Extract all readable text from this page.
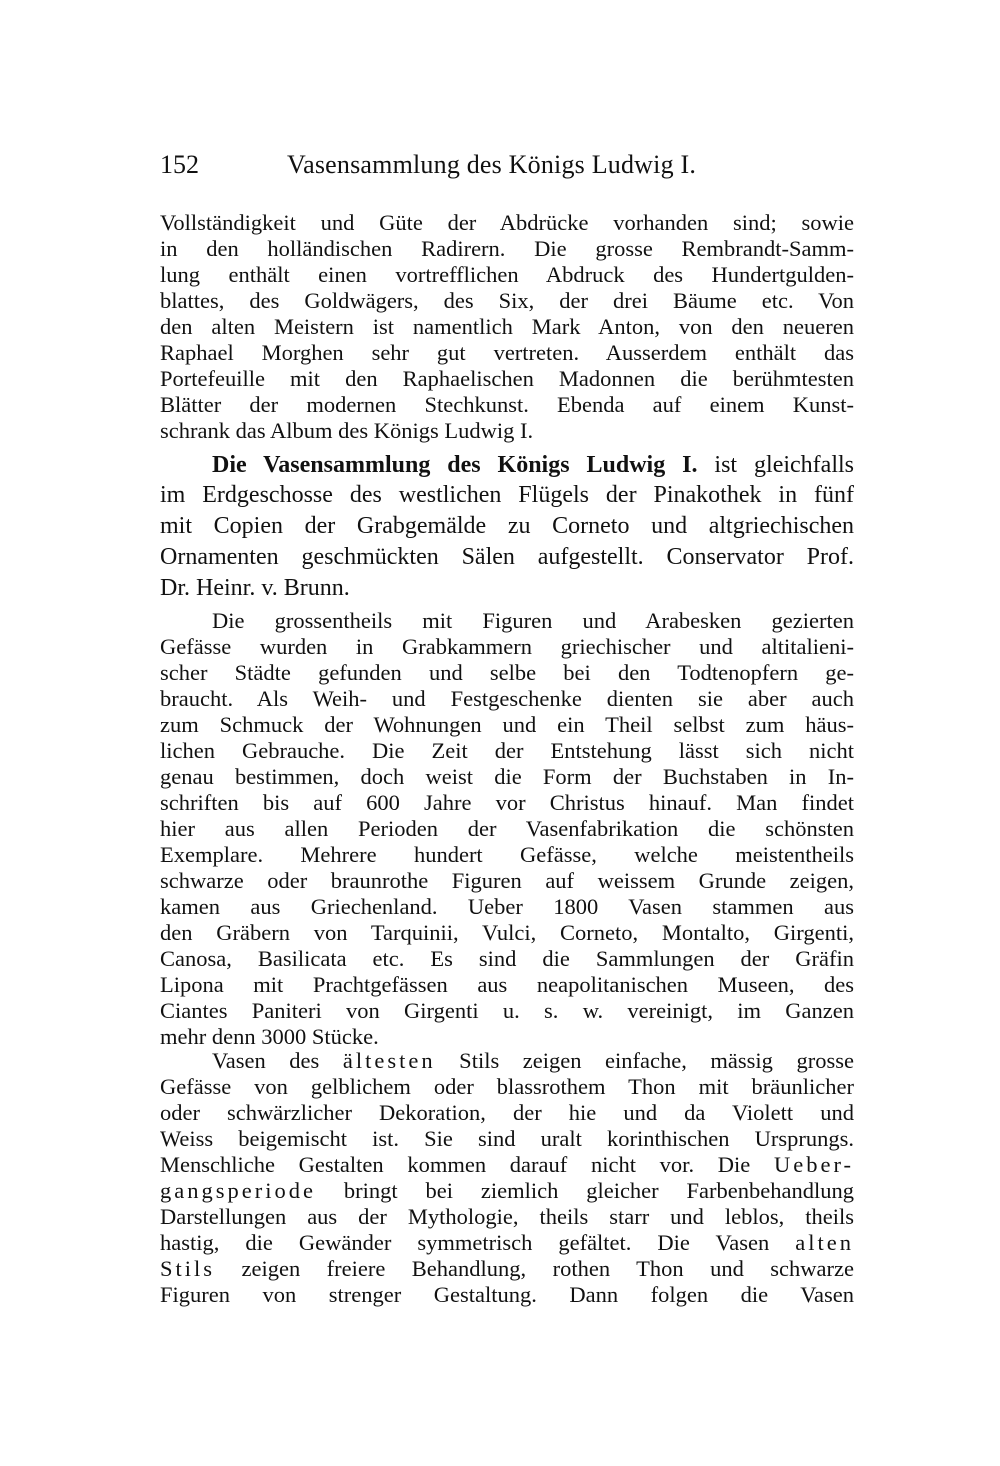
152	Vasensammlung des Königs Ludwig I.
Vollständigkeit und Güte der Abdrücke vorhanden sind; sowie
in den holländischen Radirern. Die grosse Rembrandt-Samm-
lung enthält einen vortrefflichen Abdruck des Hundertgulden-
blattes, des Goldwägers, des Six, der drei Bäume etc. Von
den alten Meistern ist namentlich Mark Anton, von den neueren
Raphael Morghen sehr gut vertreten. Ausserdem enthält das
Portefeuille mit den Raphaelischen Madonnen die berühmtesten
Blätter der modernen Stechkunst. Ebenda auf einem Kunst-
schrank das Album des Königs Ludwig I.
Die Vasensammlung des Königs Ludwig I. ist gleichfalls
im Erdgeschosse des westlichen Flügels der Pinakothek in fünf
mit Copien der Grabgemälde zu Corneto und altgriechischen
Ornamenten geschmückten Sälen aufgestellt. Conservator Prof.
Dr. Heinr. v. Brunn.
Die grossentheils mit Figuren und Arabesken gezierten
Gefässe wurden in Grabkammern griechischer und altitalieni-
scher Städte gefunden und selbe bei den Todtenopfern ge-
braucht. Als Weih- und Festgeschenke dienten sie aber auch
zum Schmuck der Wohnungen und ein Theil selbst zum häus-
lichen Gebrauche. Die Zeit der Entstehung lässt sich nicht
genau bestimmen, doch weist die Form der Buchstaben in In-
schriften bis auf 600 Jahre vor Christus hinauf. Man findet
hier aus allen Perioden der Vasenfabrikation die schönsten
Exemplare. Mehrere hundert Gefässe, welche meistentheils
schwarze oder braunrothe Figuren auf weissem Grunde zeigen,
kamen aus Griechenland. Ueber 1800 Vasen stammen aus
den Gräbern von Tarquinii, Vulci, Corneto, Montalto, Girgenti,
Canosa, Basilicata etc. Es sind die Sammlungen der Gräfin
Lipona mit Prachtgefässen aus neapolitanischen Museen, des
Ciantes Paniteri von Girgenti u. s. w. vereinigt, im Ganzen
mehr denn 3000 Stücke.
Vasen des ältesten Stils zeigen einfache, mässig grosse
Gefässe von gelblichem oder blassrothem Thon mit bräunlicher
oder schwärzlicher Dekoration, der hie und da Violett und
Weiss beigemischt ist. Sie sind uralt korinthischen Ursprungs.
Menschliche Gestalten kommen darauf nicht vor. Die Ueber-
gangsperiode bringt bei ziemlich gleicher Farbenbehandlung
Darstellungen aus der Mythologie, theils starr und leblos, theils
hastig, die Gewänder symmetrisch gefältet. Die Vasen alten
Stils zeigen freiere Behandlung, rothen Thon und schwarze
Figuren von strenger Gestaltung. Dann folgen die Vasen
